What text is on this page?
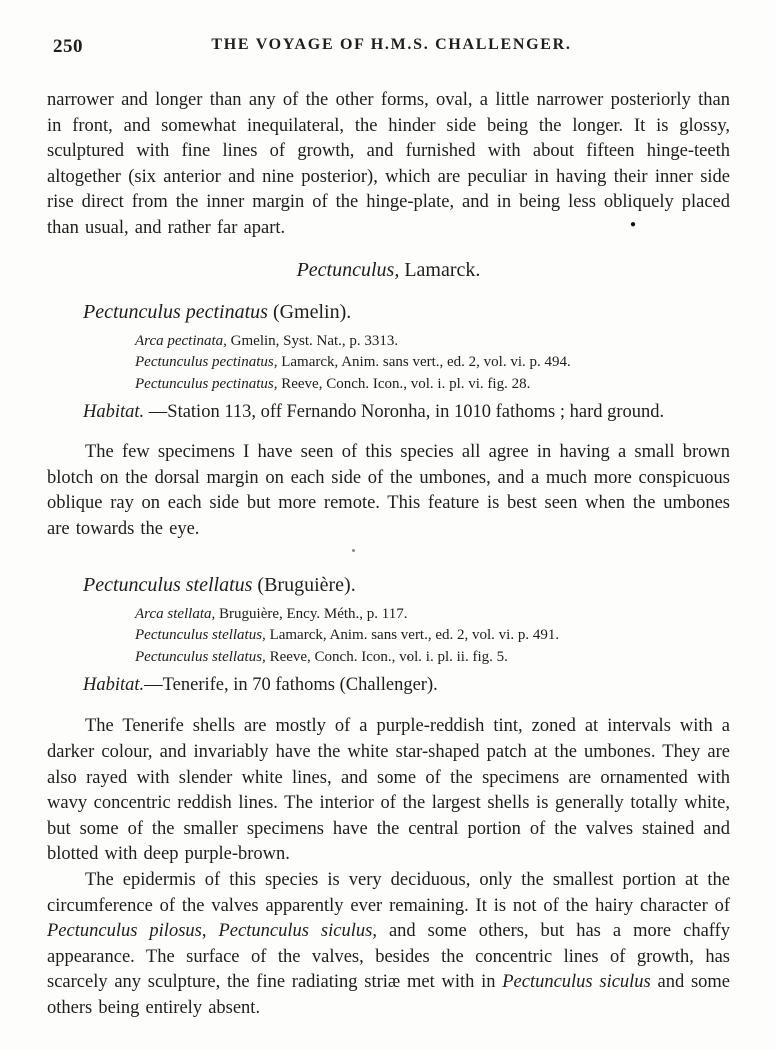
250	THE VOYAGE OF H.M.S. CHALLENGER.
●

narrower and longer than any of the other forms, oval, a little narrower posteriorly than in front, and somewhat inequilateral, the hinder side being the longer. It is glossy, sculptured with fine lines of growth, and furnished with about fifteen hinge-teeth altogether (six anterior and nine posterior), which are peculiar in having their inner side rise direct from the inner margin of the hinge-plate, and in being less obliquely placed than usual, and rather far apart.

Pectunculus, Lamarck.
Pectunculus pectinatus (Gmelin).

Arca pectinata, Gmelin, Syst. Nat., p. 3313.

Pectunculus pectinatus, Lamarck, Anim. sans vert., ed. 2, vol. vi. p. 494.

Pectunculus pectinatus, Reeve, Conch. Icon., vol. i. pl. vi. fig. 28.

Habitat. —Station 113, off Fernando Noronha, in 1010 fathoms ; hard ground.

The few specimens I have seen of this species all agree in having a small brown blotch on the dorsal margin on each side of the umbones, and a much more conspicuous oblique ray on each side but more remote. This feature is best seen when the umbones are towards the eye.

Pectunculus stellatus (Bruguière).

Arca stellata, Bruguière, Ency. Méth., p. 117.

Pectunculus stellatus, Lamarck, Anim. sans vert., ed. 2, vol. vi. p. 491.

Pectunculus stellatus, Reeve, Conch. Icon., vol. i. pl. ii. fig. 5.

Habitat.—Tenerife, in 70 fathoms (Challenger).

The Tenerife shells are mostly of a purple-reddish tint, zoned at intervals with a darker colour, and invariably have the white star-shaped patch at the umbones. They are also rayed with slender white lines, and some of the specimens are ornamented with wavy concentric reddish lines. The interior of the largest shells is generally totally white, but some of the smaller specimens have the central portion of the valves stained and blotted with deep purple-brown.

The epidermis of this species is very deciduous, only the smallest portion at the circumference of the valves apparently ever remaining. It is not of the hairy character of Pectunculus pilosus, Pectunculus siculus, and some others, but has a more chaffy appearance. The surface of the valves, besides the concentric lines of growth, has scarcely any sculpture, the fine radiating striæ met with in Pectunculus siculus and some others being entirely absent.
